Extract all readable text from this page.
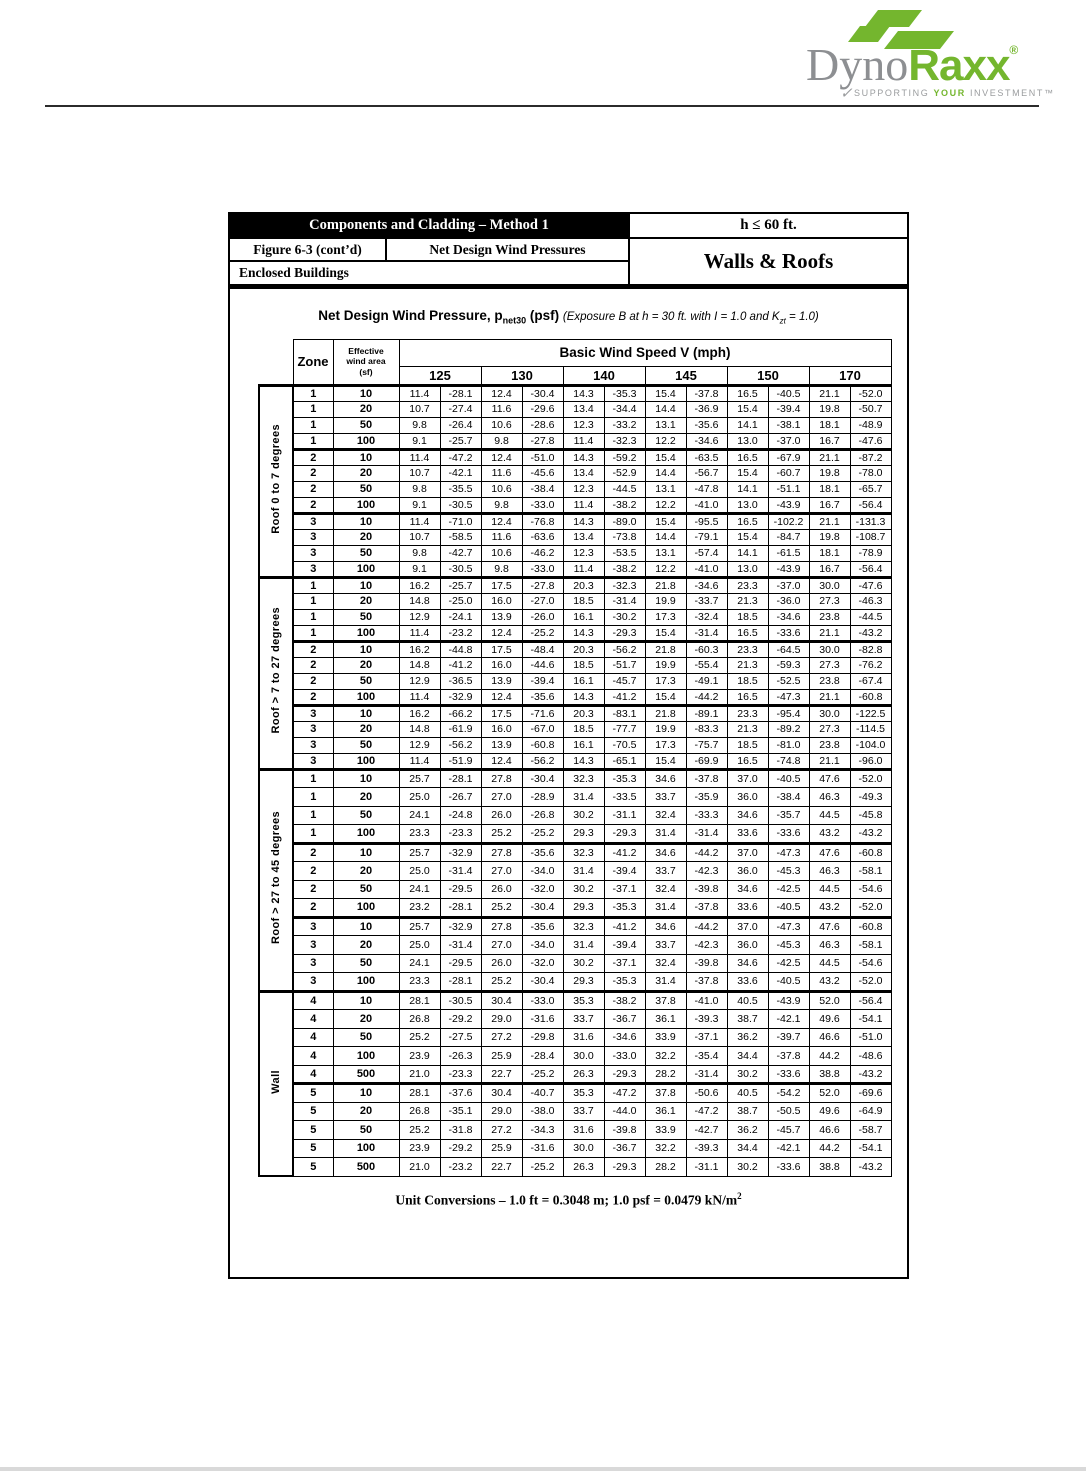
DynoRaxx®
✓ SUPPORTING YOUR INVESTMENT™
Components and Cladding – Method 1	h ≤ 60 ft.
Figure 6-3 (cont’d)	Net Design Wind Pressures	Walls & Roofs
Enclosed Buildings
Net Design Wind Pressure, $p_{net30}$ (psf) (Exposure B at h = 30 ft. with I = 1.0 and $K_{zt} = 1.0$)
	Zone	Effective
wind area
(sf)	Basic Wind Speed V (mph)											
			125		130		140		145		150		170	
Roof 0 to 7 degrees	1	10	11.4	-28.1	12.4	-30.4	14.3	-35.3	15.4	-37.8	16.5	-40.5	21.1	-52.0
	1	20	10.7	-27.4	11.6	-29.6	13.4	-34.4	14.4	-36.9	15.4	-39.4	19.8	-50.7
	1	50	9.8	-26.4	10.6	-28.6	12.3	-33.2	13.1	-35.6	14.1	-38.1	18.1	-48.9
	1	100	9.1	-25.7	9.8	-27.8	11.4	-32.3	12.2	-34.6	13.0	-37.0	16.7	-47.6
	2	10	11.4	-47.2	12.4	-51.0	14.3	-59.2	15.4	-63.5	16.5	-67.9	21.1	-87.2
	2	20	10.7	-42.1	11.6	-45.6	13.4	-52.9	14.4	-56.7	15.4	-60.7	19.8	-78.0
	2	50	9.8	-35.5	10.6	-38.4	12.3	-44.5	13.1	-47.8	14.1	-51.1	18.1	-65.7
	2	100	9.1	-30.5	9.8	-33.0	11.4	-38.2	12.2	-41.0	13.0	-43.9	16.7	-56.4
	3	10	11.4	-71.0	12.4	-76.8	14.3	-89.0	15.4	-95.5	16.5	-102.2	21.1	-131.3
	3	20	10.7	-58.5	11.6	-63.6	13.4	-73.8	14.4	-79.1	15.4	-84.7	19.8	-108.7
	3	50	9.8	-42.7	10.6	-46.2	12.3	-53.5	13.1	-57.4	14.1	-61.5	18.1	-78.9
	3	100	9.1	-30.5	9.8	-33.0	11.4	-38.2	12.2	-41.0	13.0	-43.9	16.7	-56.4
Roof > 7 to 27 degrees	1	10	16.2	-25.7	17.5	-27.8	20.3	-32.3	21.8	-34.6	23.3	-37.0	30.0	-47.6
	1	20	14.8	-25.0	16.0	-27.0	18.5	-31.4	19.9	-33.7	21.3	-36.0	27.3	-46.3
	1	50	12.9	-24.1	13.9	-26.0	16.1	-30.2	17.3	-32.4	18.5	-34.6	23.8	-44.5
	1	100	11.4	-23.2	12.4	-25.2	14.3	-29.3	15.4	-31.4	16.5	-33.6	21.1	-43.2
	2	10	16.2	-44.8	17.5	-48.4	20.3	-56.2	21.8	-60.3	23.3	-64.5	30.0	-82.8
	2	20	14.8	-41.2	16.0	-44.6	18.5	-51.7	19.9	-55.4	21.3	-59.3	27.3	-76.2
	2	50	12.9	-36.5	13.9	-39.4	16.1	-45.7	17.3	-49.1	18.5	-52.5	23.8	-67.4
	2	100	11.4	-32.9	12.4	-35.6	14.3	-41.2	15.4	-44.2	16.5	-47.3	21.1	-60.8
	3	10	16.2	-66.2	17.5	-71.6	20.3	-83.1	21.8	-89.1	23.3	-95.4	30.0	-122.5
	3	20	14.8	-61.9	16.0	-67.0	18.5	-77.7	19.9	-83.3	21.3	-89.2	27.3	-114.5
	3	50	12.9	-56.2	13.9	-60.8	16.1	-70.5	17.3	-75.7	18.5	-81.0	23.8	-104.0
	3	100	11.4	-51.9	12.4	-56.2	14.3	-65.1	15.4	-69.9	16.5	-74.8	21.1	-96.0
Roof > 27 to 45 degrees	1	10	25.7	-28.1	27.8	-30.4	32.3	-35.3	34.6	-37.8	37.0	-40.5	47.6	-52.0
	1	20	25.0	-26.7	27.0	-28.9	31.4	-33.5	33.7	-35.9	36.0	-38.4	46.3	-49.3
	1	50	24.1	-24.8	26.0	-26.8	30.2	-31.1	32.4	-33.3	34.6	-35.7	44.5	-45.8
	1	100	23.3	-23.3	25.2	-25.2	29.3	-29.3	31.4	-31.4	33.6	-33.6	43.2	-43.2
	2	10	25.7	-32.9	27.8	-35.6	32.3	-41.2	34.6	-44.2	37.0	-47.3	47.6	-60.8
	2	20	25.0	-31.4	27.0	-34.0	31.4	-39.4	33.7	-42.3	36.0	-45.3	46.3	-58.1
	2	50	24.1	-29.5	26.0	-32.0	30.2	-37.1	32.4	-39.8	34.6	-42.5	44.5	-54.6
	2	100	23.2	-28.1	25.2	-30.4	29.3	-35.3	31.4	-37.8	33.6	-40.5	43.2	-52.0
	3	10	25.7	-32.9	27.8	-35.6	32.3	-41.2	34.6	-44.2	37.0	-47.3	47.6	-60.8
	3	20	25.0	-31.4	27.0	-34.0	31.4	-39.4	33.7	-42.3	36.0	-45.3	46.3	-58.1
	3	50	24.1	-29.5	26.0	-32.0	30.2	-37.1	32.4	-39.8	34.6	-42.5	44.5	-54.6
	3	100	23.3	-28.1	25.2	-30.4	29.3	-35.3	31.4	-37.8	33.6	-40.5	43.2	-52.0
Wall	4	10	28.1	-30.5	30.4	-33.0	35.3	-38.2	37.8	-41.0	40.5	-43.9	52.0	-56.4
	4	20	26.8	-29.2	29.0	-31.6	33.7	-36.7	36.1	-39.3	38.7	-42.1	49.6	-54.1
	4	50	25.2	-27.5	27.2	-29.8	31.6	-34.6	33.9	-37.1	36.2	-39.7	46.6	-51.0
	4	100	23.9	-26.3	25.9	-28.4	30.0	-33.0	32.2	-35.4	34.4	-37.8	44.2	-48.6
	4	500	21.0	-23.3	22.7	-25.2	26.3	-29.3	28.2	-31.4	30.2	-33.6	38.8	-43.2
	5	10	28.1	-37.6	30.4	-40.7	35.3	-47.2	37.8	-50.6	40.5	-54.2	52.0	-69.6
	5	20	26.8	-35.1	29.0	-38.0	33.7	-44.0	36.1	-47.2	38.7	-50.5	49.6	-64.9
	5	50	25.2	-31.8	27.2	-34.3	31.6	-39.8	33.9	-42.7	36.2	-45.7	46.6	-58.7
	5	100	23.9	-29.2	25.9	-31.6	30.0	-36.7	32.2	-39.3	34.4	-42.1	44.2	-54.1
	5	500	21.0	-23.2	22.7	-25.2	26.3	-29.3	28.2	-31.1	30.2	-33.6	38.8	-43.2
Unit Conversions – 1.0 ft = 0.3048 m; 1.0 psf = 0.0479 $kN/m^2$
